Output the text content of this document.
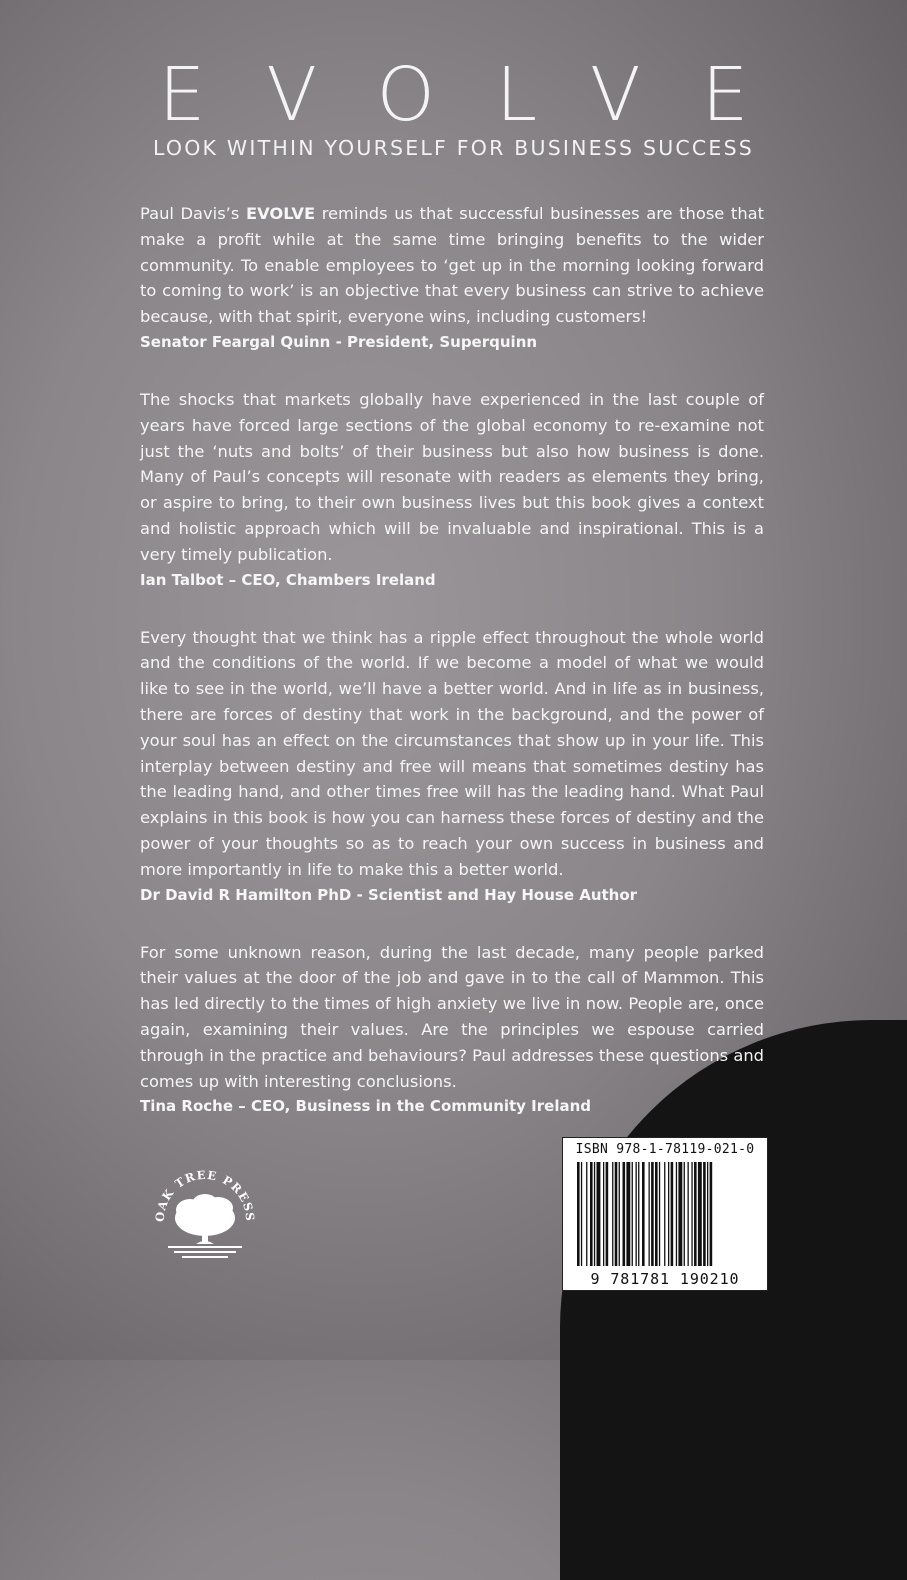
EVOLVE
LOOK WITHIN YOURSELF FOR BUSINESS SUCCESS

Paul Davis’s EVOLVE reminds us that successful businesses are those that make a profit while at the same time bringing benefits to the wider community. To enable employees to ‘get up in the morning looking forward to coming to work’ is an objective that every business can strive to achieve because, with that spirit, everyone wins, including customers!

Senator Feargal Quinn - President, Superquinn

The shocks that markets globally have experienced in the last couple of years have forced large sections of the global economy to re-examine not just the ‘nuts and bolts’ of their business but also how business is done. Many of Paul’s concepts will resonate with readers as elements they bring, or aspire to bring, to their own business lives but this book gives a context and holistic approach which will be invaluable and inspirational. This is a very timely publication.

Ian Talbot – CEO, Chambers Ireland

Every thought that we think has a ripple effect throughout the whole world and the conditions of the world. If we become a model of what we would like to see in the world, we’ll have a better world. And in life as in business, there are forces of destiny that work in the background, and the power of your soul has an effect on the circumstances that show up in your life. This interplay between destiny and free will means that sometimes destiny has the leading hand, and other times free will has the leading hand. What Paul explains in this book is how you can harness these forces of destiny and the power of your thoughts so as to reach your own success in business and more importantly in life to make this a better world.

Dr David R Hamilton PhD - Scientist and Hay House Author

For some unknown reason, during the last decade, many people parked their values at the door of the job and gave in to the call of Mammon. This has led directly to the times of high anxiety we live in now. People are, once again, examining their values. Are the principles we espouse carried through in the practice and behaviours? Paul addresses these questions and comes up with interesting conclusions.

Tina Roche – CEO, Business in the Community Ireland
OAK TREE PRESS
ISBN 978-1-78119-021-0
9 781781 190210
